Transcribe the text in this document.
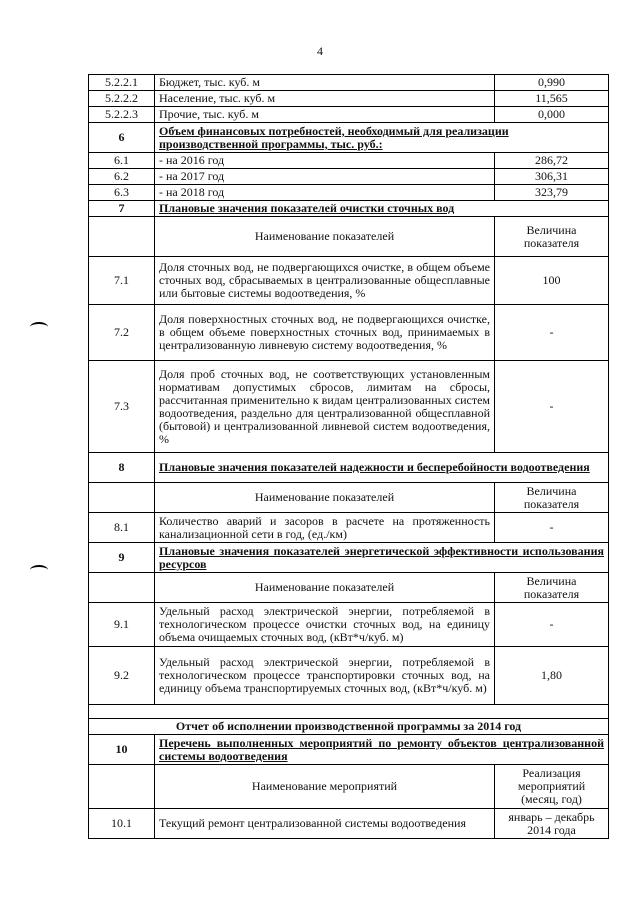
4
5.2.2.1	Бюджет, тыс. куб. м	0,990
5.2.2.2	Население, тыс. куб. м	11,565
5.2.2.3	Прочие, тыс. куб. м	0,000
6	Объем финансовых потребностей, необходимый для реализации производственной программы, тыс. руб.:	
6.1	- на 2016 год	286,72
6.2	- на 2017 год	306,31
6.3	- на 2018 год	323,79
7	Плановые значения показателей очистки сточных вод	
	Наименование показателей	Величина показателя
7.1	Доля сточных вод, не подвергающихся очистке, в общем объеме сточных вод, сбрасываемых в централизованные общесплавные или бытовые системы водоотведения, %	100
7.2	Доля поверхностных сточных вод, не подвергающихся очистке, в общем объеме поверхностных сточных вод, принимаемых в централизованную ливневую систему водоотведения, %	-
7.3	Доля проб сточных вод, не соответствующих установленным нормативам допустимых сбросов, лимитам на сбросы, рассчитанная применительно к видам централизованных систем водоотведения, раздельно для централизованной общесплавной (бытовой) и централизованной ливневой систем водоотведения, %	-
8	Плановые значения показателей надежности и бесперебойности водоотведения	
	Наименование показателей	Величина показателя
8.1	Количество аварий и засоров в расчете на протяженность канализационной сети в год, (ед./км)	-
9	Плановые значения показателей энергетической эффективности использования ресурсов	
	Наименование показателей	Величина показателя
9.1	Удельный расход электрической энергии, потребляемой в технологическом процессе очистки сточных вод, на единицу объема очищаемых сточных вод, (кВт*ч/куб. м)	-
9.2	Удельный расход электрической энергии, потребляемой в технологическом процессе транспортировки сточных вод, на единицу объема транспортируемых сточных вод, (кВт*ч/куб. м)	1,80

Отчет об исполнении производственной программы за 2014 год		
10	Перечень выполненных мероприятий по ремонту объектов централизованной системы водоотведения	
	Наименование мероприятий	Реализация мероприятий (месяц, год)
10.1	Текущий ремонт централизованной системы водоотведения	январь – декабрь 2014 года
